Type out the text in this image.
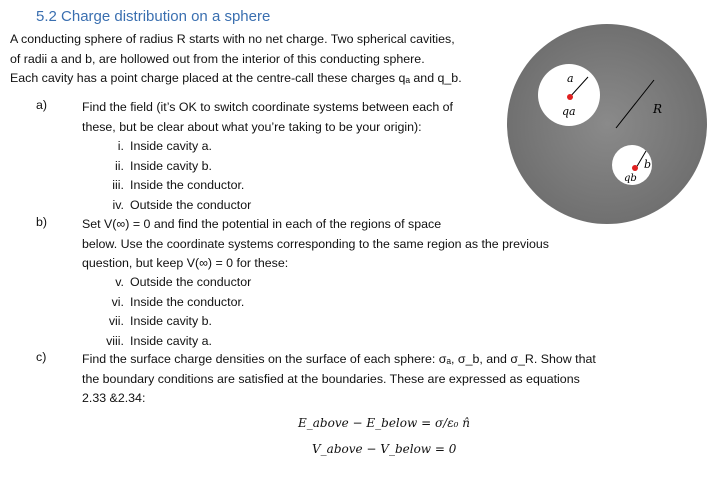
5.2 Charge distribution on a sphere
A conducting sphere of radius R starts with no net charge. Two spherical cavities,
of radii a and b, are hollowed out from the interior of this conducting sphere.
Each cavity has a point charge placed at the centre-call these charges qₐ and q_b.
a)	Find the field (it’s OK to switch coordinate systems between each of
these, but be clear about what you’re taking to be your origin):
i. Inside cavity a.
ii. Inside cavity b.
iii. Inside the conductor.
iv. Outside the conductor
b)	Set V(∞) = 0 and find the potential in each of the regions of space
below. Use the coordinate systems corresponding to the same region as the previous
question, but keep V(∞) = 0 for these:
v. Outside the conductor
vi. Inside the conductor.
vii. Inside cavity b.
viii. Inside cavity a.
c)	Find the surface charge densities on the surface of each sphere: σₐ, σ_b, and σ_R. Show that
the boundary conditions are satisfied at the boundaries. These are expressed as equations
2.33 &2.34:
E_above − E_below = σ/ε₀ n̂
V_above − V_below = 0
R
a
qa
b
qb
